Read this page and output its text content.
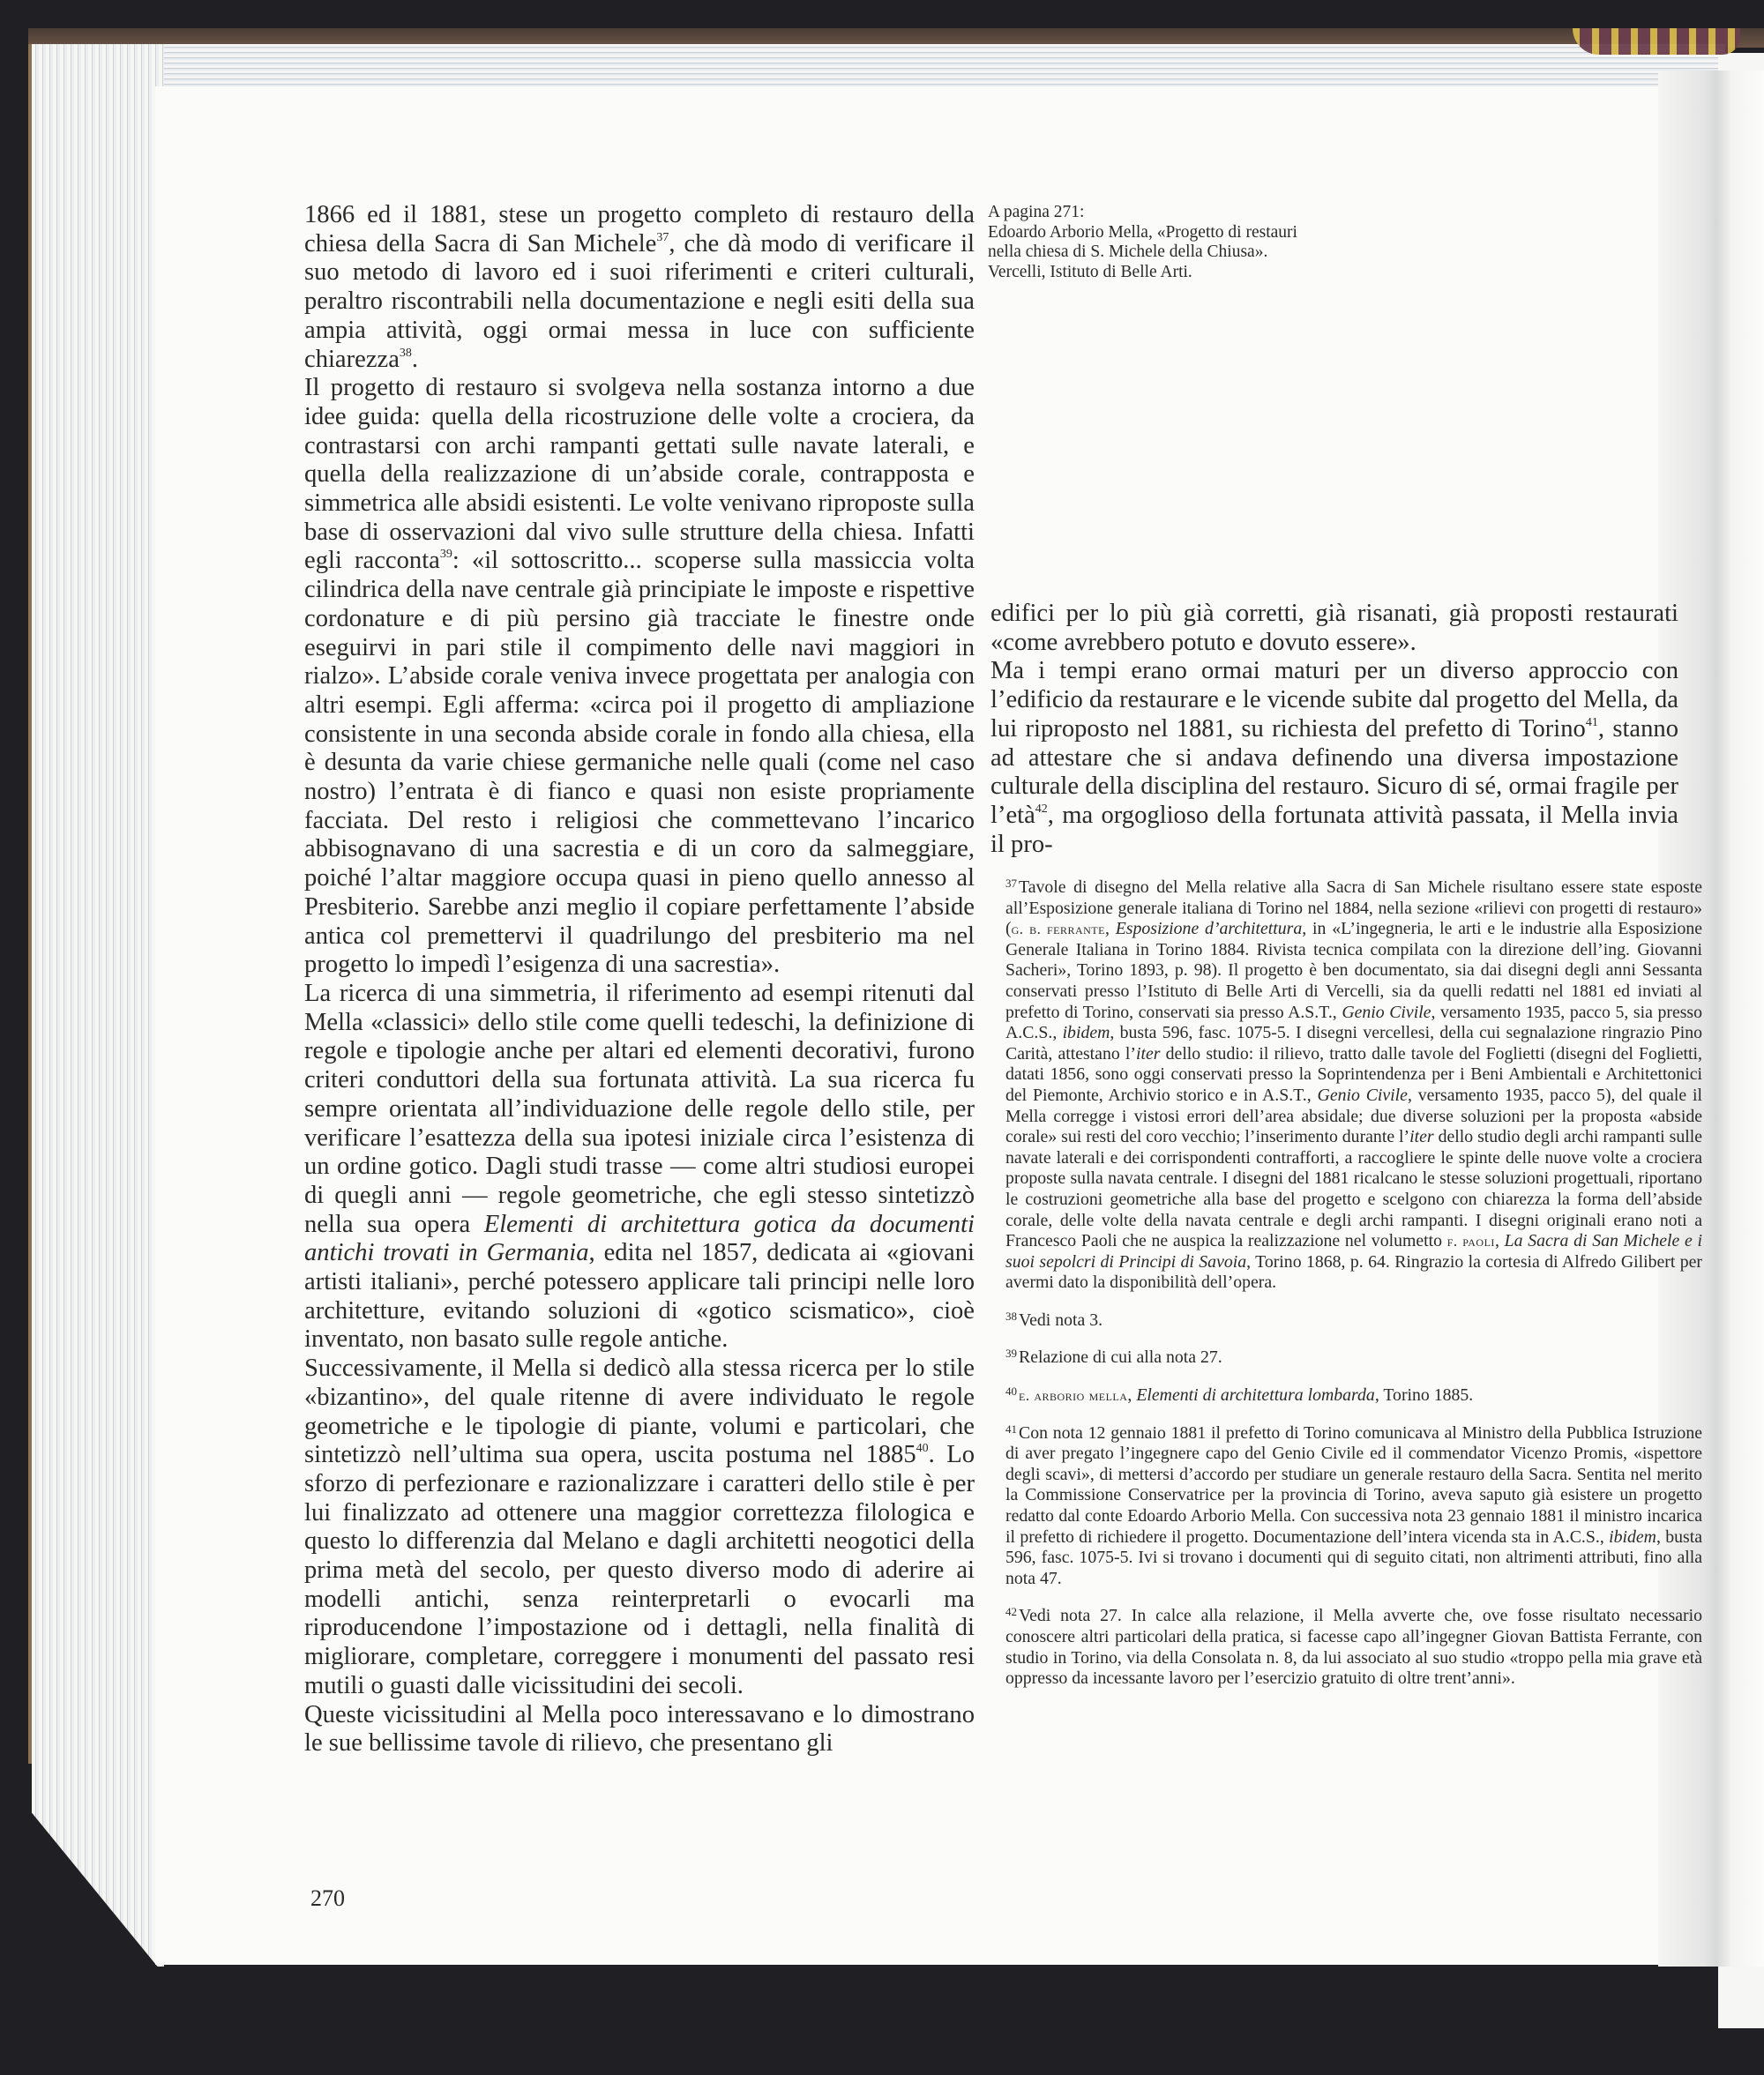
1866 ed il 1881, stese un progetto completo di restauro della chiesa della Sacra di San Michele$^{37}$, che dà modo di verificare il suo metodo di lavoro ed i suoi riferimenti e criteri culturali, peraltro riscontrabili nella documentazione e negli esiti della sua ampia attività, oggi ormai messa in luce con sufficiente chiarezza$^{38}$.

Il progetto di restauro si svolgeva nella sostanza intorno a due idee guida: quella della ricostruzione delle volte a crociera, da contrastarsi con archi rampanti gettati sulle navate laterali, e quella della realizzazione di un’abside corale, contrapposta e simmetrica alle absidi esistenti. Le volte venivano riproposte sulla base di osservazioni dal vivo sulle strutture della chiesa. Infatti egli racconta$^{39}$: «il sottoscritto... scoperse sulla massiccia volta cilindrica della nave centrale già principiate le imposte e rispettive cordonature e di più persino già tracciate le finestre onde eseguirvi in pari stile il compimento delle navi maggiori in rialzo». L’abside corale veniva invece progettata per analogia con altri esempi. Egli afferma: «circa poi il progetto di ampliazione consistente in una seconda abside corale in fondo alla chiesa, ella è desunta da varie chiese germaniche nelle quali (come nel caso nostro) l’entrata è di fianco e quasi non esiste propriamente facciata. Del resto i religiosi che commettevano l’incarico abbisognavano di una sacrestia e di un coro da salmeggiare, poiché l’altar maggiore occupa quasi in pieno quello annesso al Presbiterio. Sarebbe anzi meglio il copiare perfettamente l’abside antica col premettervi il quadrilungo del presbiterio ma nel progetto lo impedì l’esigenza di una sacrestia».

La ricerca di una simmetria, il riferimento ad esempi ritenuti dal Mella «classici» dello stile come quelli tedeschi, la definizione di regole e tipologie anche per altari ed elementi decorativi, furono criteri conduttori della sua fortunata attività. La sua ricerca fu sempre orientata all’individuazione delle regole dello stile, per verificare l’esattezza della sua ipotesi iniziale circa l’esistenza di un ordine gotico. Dagli studi trasse — come altri studiosi europei di quegli anni — regole geometriche, che egli stesso sintetizzò nella sua opera Elementi di architettura gotica da documenti antichi trovati in Germania, edita nel 1857, dedicata ai «giovani artisti italiani», perché potessero applicare tali principi nelle loro architetture, evitando soluzioni di «gotico scismatico», cioè inventato, non basato sulle regole antiche.

Successivamente, il Mella si dedicò alla stessa ricerca per lo stile «bizantino», del quale ritenne di avere individuato le regole geometriche e le tipologie di piante, volumi e particolari, che sintetizzò nell’ultima sua opera, uscita postuma nel 1885$^{40}$. Lo sforzo di perfezionare e razionalizzare i caratteri dello stile è per lui finalizzato ad ottenere una maggior correttezza filologica e questo lo differenzia dal Melano e dagli architetti neogotici della prima metà del secolo, per questo diverso modo di aderire ai modelli antichi, senza reinterpretarli o evocarli ma riproducendone l’impostazione od i dettagli, nella finalità di migliorare, completare, correggere i monumenti del passato resi mutili o guasti dalle vicissitudini dei secoli.

Queste vicissitudini al Mella poco interessavano e lo dimostrano le sue bellissime tavole di rilievo, che presentano gli

A pagina 271:
Edoardo Arborio Mella, «Progetto di restauri
nella chiesa di S. Michele della Chiusa».
Vercelli, Istituto di Belle Arti.

edifici per lo più già corretti, già risanati, già proposti restaurati «come avrebbero potuto e dovuto essere».

Ma i tempi erano ormai maturi per un diverso approccio con l’edificio da restaurare e le vicende subite dal progetto del Mella, da lui riproposto nel 1881, su richiesta del prefetto di Torino$^{41}$, stanno ad attestare che si andava definendo una diversa impostazione culturale della disciplina del restauro. Sicuro di sé, ormai fragile per l’età$^{42}$, ma orgoglioso della fortunata attività passata, il Mella invia il pro-

$^{37}$ Tavole di disegno del Mella relative alla Sacra di San Michele risultano essere state esposte all’Esposizione generale italiana di Torino nel 1884, nella sezione «rilievi con progetti di restauro» (g. b. ferrante, Esposizione d’architettura, in «L’ingegneria, le arti e le industrie alla Esposizione Generale Italiana in Torino 1884. Rivista tecnica compilata con la direzione dell’ing. Giovanni Sacheri», Torino 1893, p. 98). Il progetto è ben documentato, sia dai disegni degli anni Sessanta conservati presso l’Istituto di Belle Arti di Vercelli, sia da quelli redatti nel 1881 ed inviati al prefetto di Torino, conservati sia presso A.S.T., Genio Civile, versamento 1935, pacco 5, sia presso A.C.S., ibidem, busta 596, fasc. 1075-5. I disegni vercellesi, della cui segnalazione ringrazio Pino Carità, attestano l’iter dello studio: il rilievo, tratto dalle tavole del Foglietti (disegni del Foglietti, datati 1856, sono oggi conservati presso la Soprintendenza per i Beni Ambientali e Architettonici del Piemonte, Archivio storico e in A.S.T., Genio Civile, versamento 1935, pacco 5), del quale il Mella corregge i vistosi errori dell’area absidale; due diverse soluzioni per la proposta «abside corale» sui resti del coro vecchio; l’inserimento durante l’iter dello studio degli archi rampanti sulle navate laterali e dei corrispondenti contrafforti, a raccogliere le spinte delle nuove volte a crociera proposte sulla navata centrale. I disegni del 1881 ricalcano le stesse soluzioni progettuali, riportano le costruzioni geometriche alla base del progetto e scelgono con chiarezza la forma dell’abside corale, delle volte della navata centrale e degli archi rampanti. I disegni originali erano noti a Francesco Paoli che ne auspica la realizzazione nel volumetto f. paoli, La Sacra di San Michele e i suoi sepolcri di Principi di Savoia, Torino 1868, p. 64. Ringrazio la cortesia di Alfredo Gilibert per avermi dato la disponibilità dell’opera.

$^{38}$ Vedi nota 3.

$^{39}$ Relazione di cui alla nota 27.

$^{40}$ e. arborio mella, Elementi di architettura lombarda, Torino 1885.

$^{41}$ Con nota 12 gennaio 1881 il prefetto di Torino comunicava al Ministro della Pubblica Istruzione di aver pregato l’ingegnere capo del Genio Civile ed il commendator Vicenzo Promis, «ispettore degli scavi», di mettersi d’accordo per studiare un generale restauro della Sacra. Sentita nel merito la Commissione Conservatrice per la provincia di Torino, aveva saputo già esistere un progetto redatto dal conte Edoardo Arborio Mella. Con successiva nota 23 gennaio 1881 il ministro incarica il prefetto di richiedere il progetto. Documentazione dell’intera vicenda sta in A.C.S., ibidem, busta 596, fasc. 1075-5. Ivi si trovano i documenti qui di seguito citati, non altrimenti attributi, fino alla nota 47.

$^{42}$ Vedi nota 27. In calce alla relazione, il Mella avverte che, ove fosse risultato necessario conoscere altri particolari della pratica, si facesse capo all’ingegner Giovan Battista Ferrante, con studio in Torino, via della Consolata n. 8, da lui associato al suo studio «troppo pella mia grave età oppresso da incessante lavoro per l’esercizio gratuito di oltre trent’anni».

270
